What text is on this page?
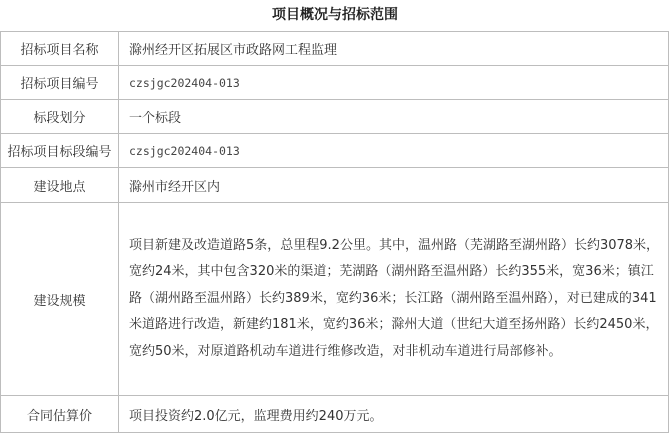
项目概况与招标范围
招标项目名称	滁州经开区拓展区市政路网工程监理
招标项目编号	czsjgc202404-013
标段划分	一个标段
招标项目标段编号	czsjgc202404-013
建设地点	滁州市经开区内
建设规模	项目新建及改造道路5条，总里程9.2公里。其中，温州路（芜湖路至湖州路）长约3078米，宽约24米，其中包含320米的渠道；芜湖路（湖州路至温州路）长约355米，宽36米；镇江路（湖州路至温州路）长约389米，宽约36米；长江路（湖州路至温州路），对已建成的341米道路进行改造，新建约181米，宽约36米；滁州大道（世纪大道至扬州路）长约2450米，宽约50米，对原道路机动车道进行维修改造，对非机动车道进行局部修补。
合同估算价	项目投资约2.0亿元，监理费用约240万元。
